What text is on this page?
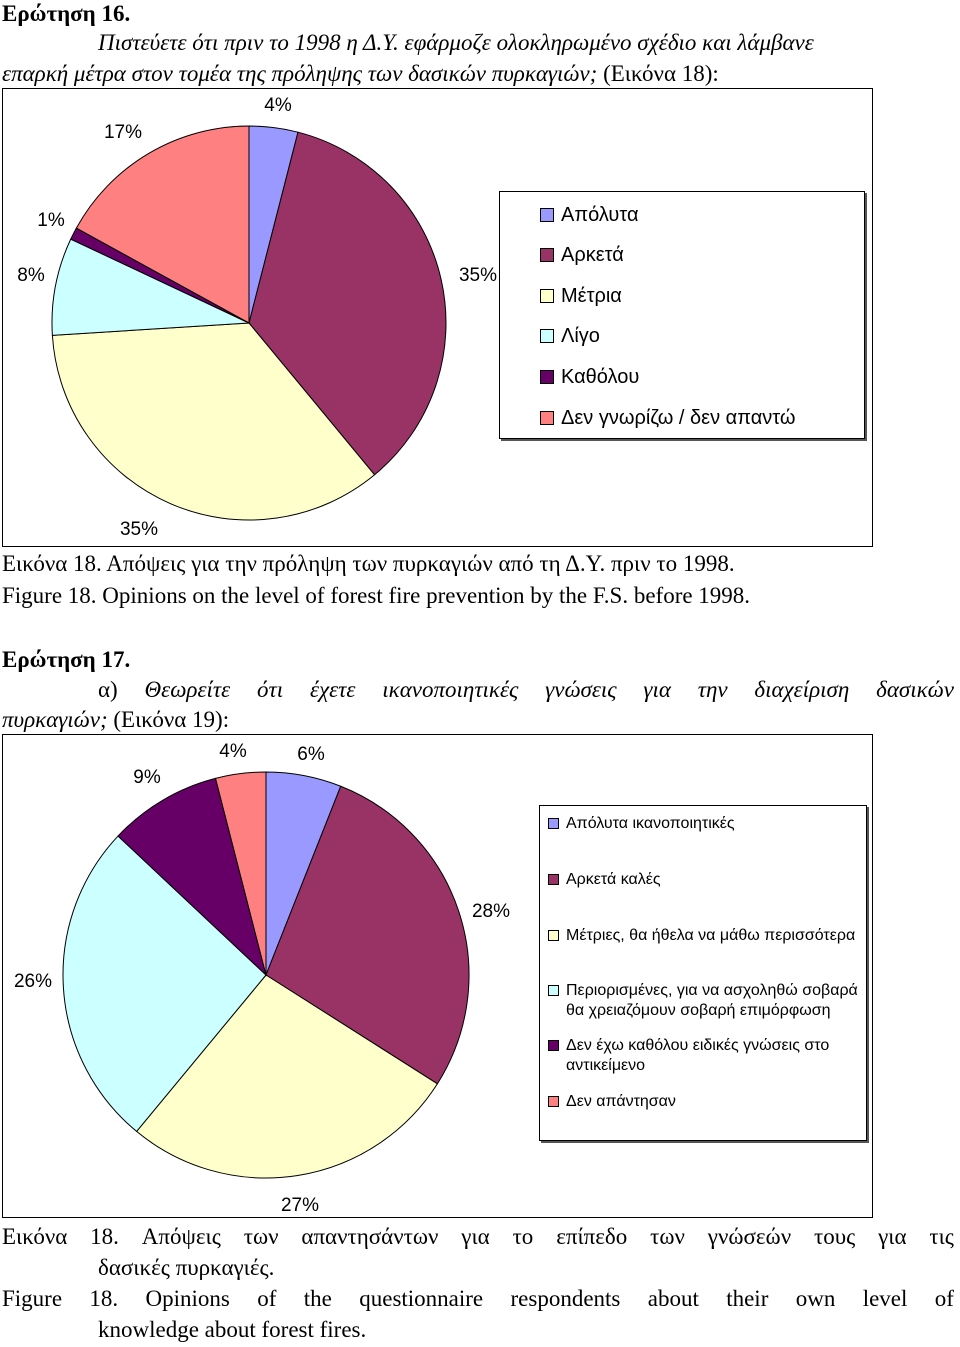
Ερώτηση 16.
Πιστεύετε ότι πριν το 1998 η Δ.Υ. εφάρμοζε ολοκληρωμένο σχέδιο και λάμβανε
επαρκή μέτρα στον τομέα της πρόληψης των δασικών πυρκαγιών; (Εικόνα 18):
4%
35%
35%
8%
1%
17%
Απόλυτα
Αρκετά
Μέτρια
Λίγο
Καθόλου
Δεν γνωρίζω / δεν απαντώ
Εικόνα 18. Απόψεις για την πρόληψη των πυρκαγιών από τη Δ.Υ. πριν το 1998.
Figure 18. Opinions on the level of forest fire prevention by the F.S. before 1998.
Ερώτηση 17.
α) Θεωρείτε ότι έχετε ικανοποιητικές γνώσεις για την διαχείριση δασικών
πυρκαγιών; (Εικόνα 19):
6%
28%
27%
26%
9%
4%
Απόλυτα ικανοποιητικές
Αρκετά καλές
Μέτριες, θα ήθελα να μάθω περισσότερα
Περιορισμένες, για να ασχοληθώ σοβαρά θα χρειαζόμουν σοβαρή επιμόρφωση
Δεν έχω καθόλου ειδικές γνώσεις στο αντικείμενο
Δεν απάντησαν
Εικόνα 18. Απόψεις των απαντησάντων για το επίπεδο των γνώσεών τους για τις
δασικές πυρκαγιές.
Figure 18. Opinions of the questionnaire respondents about their own level of
knowledge about forest fires.
